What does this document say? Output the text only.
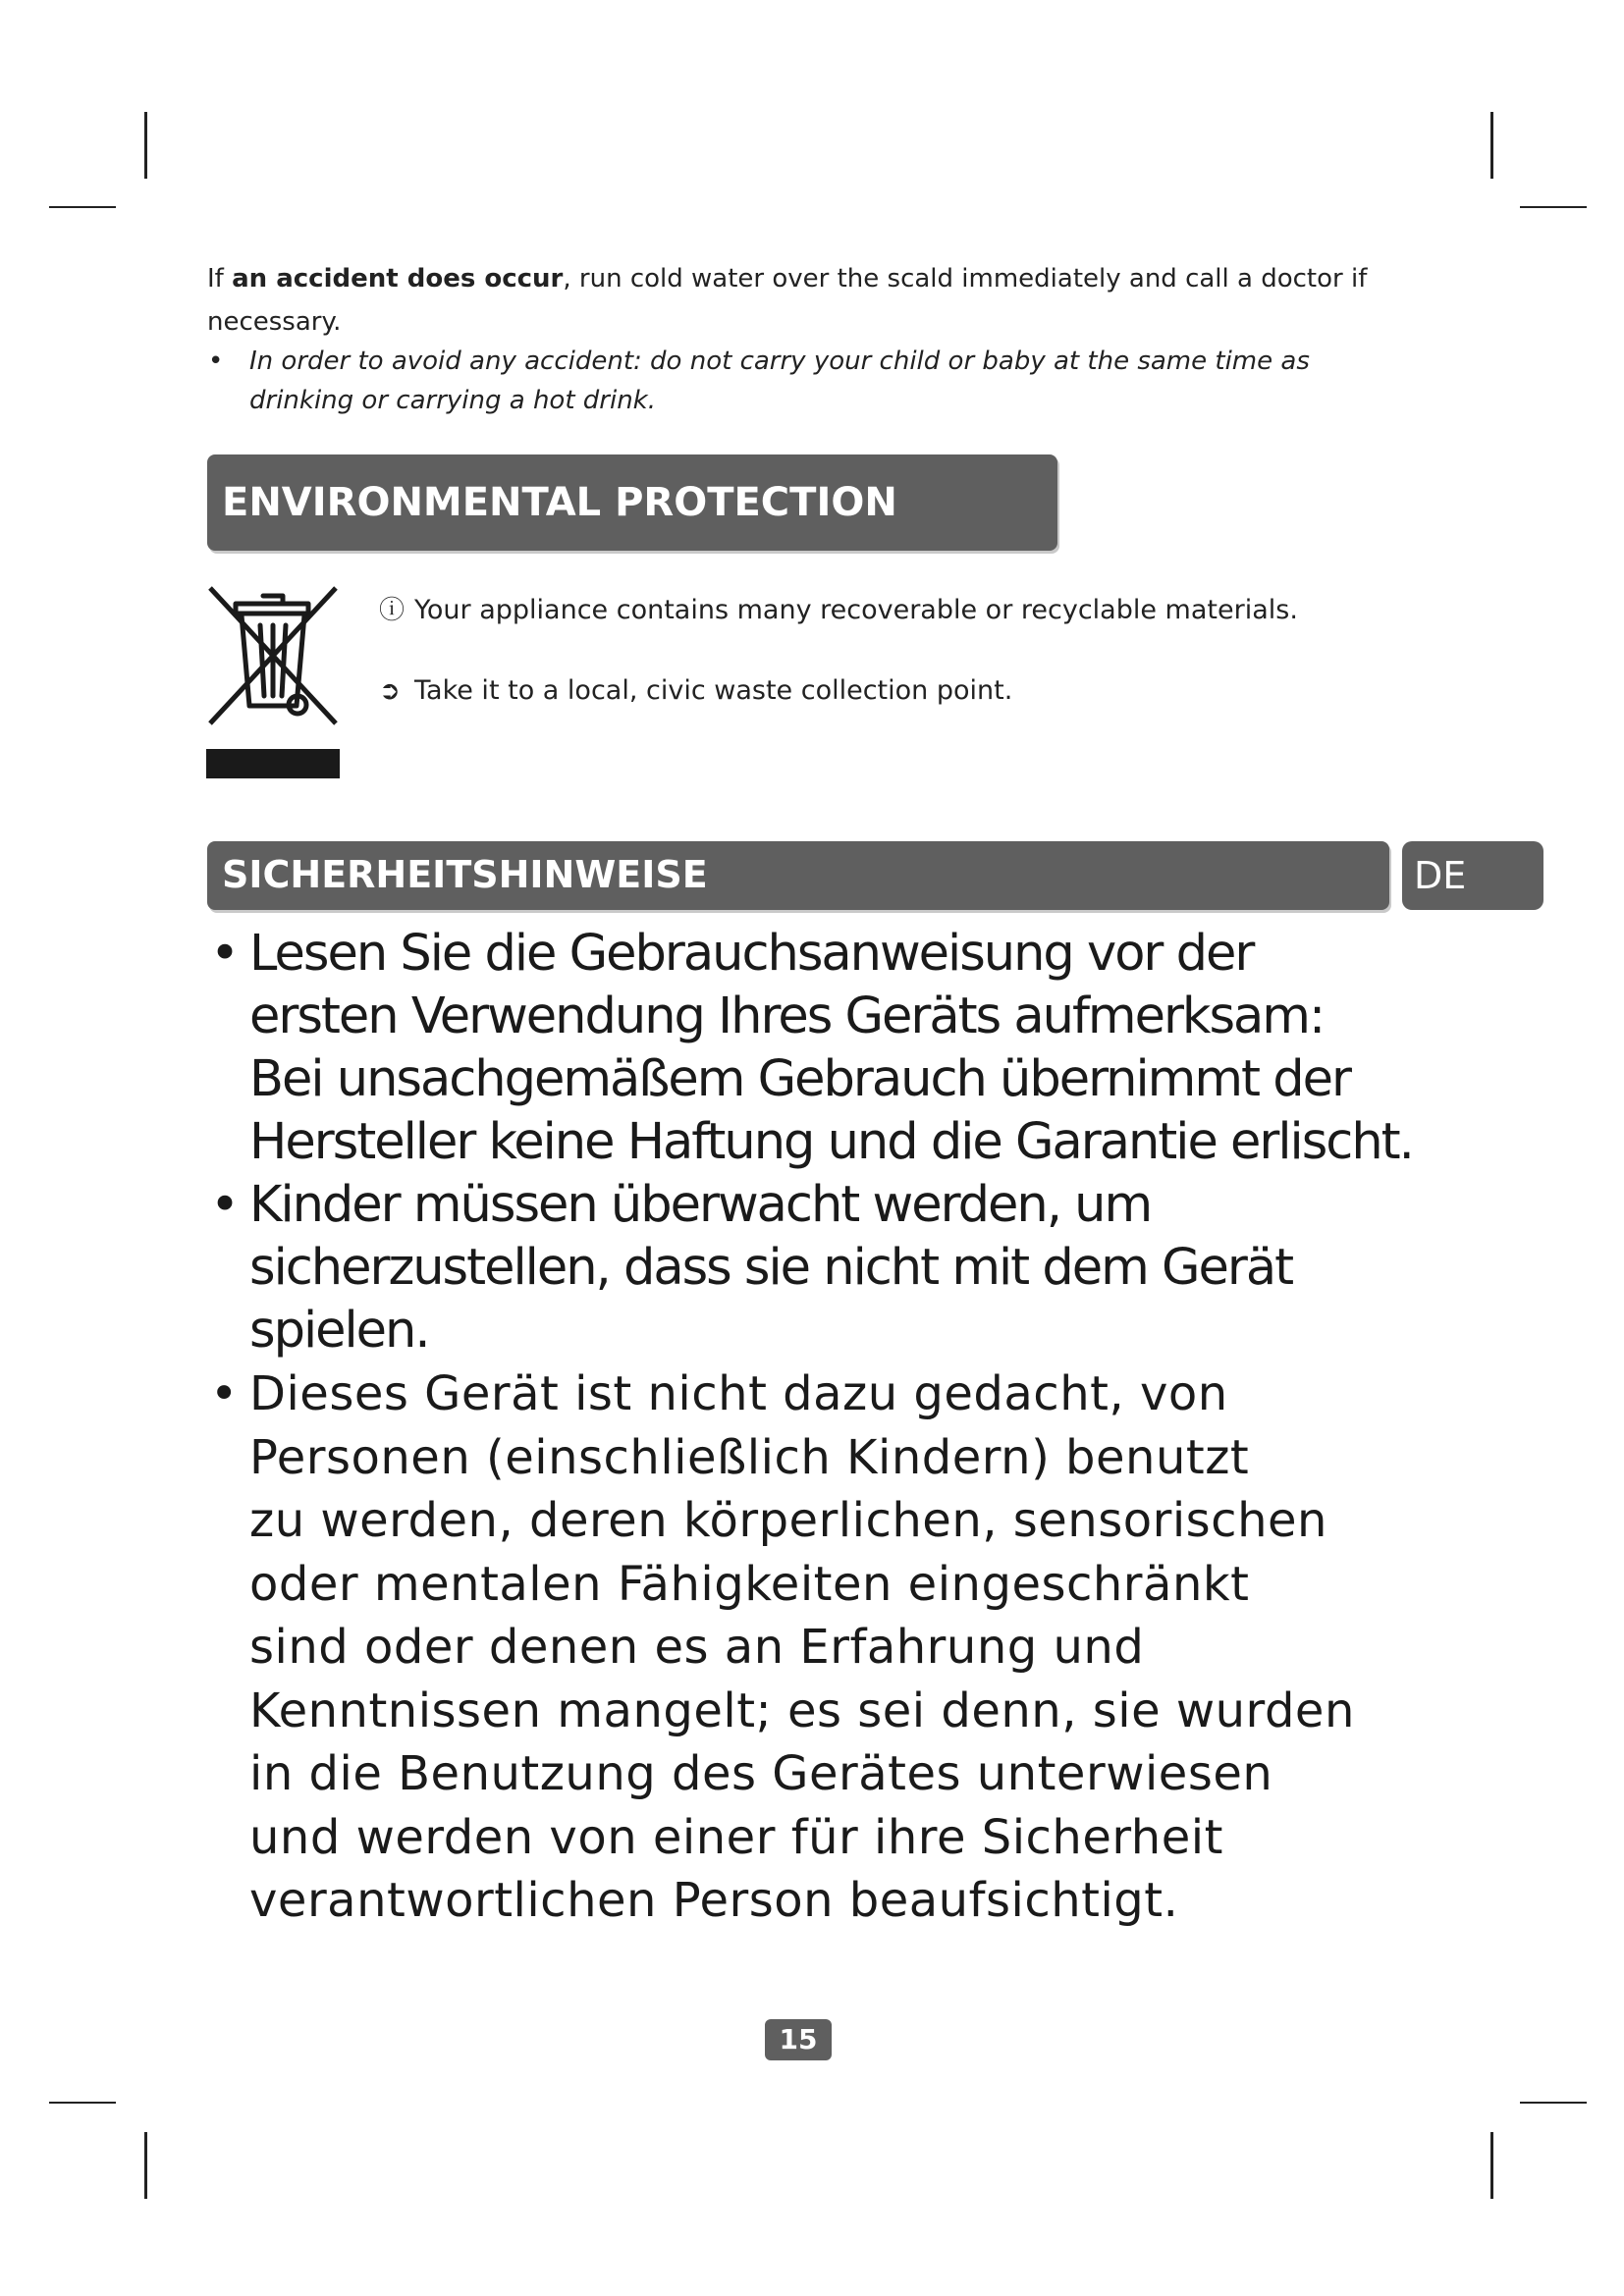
If an accident does occur, run cold water over the scald immediately and call a doctor if necessary.
•	In order to avoid any accident: do not carry your child or baby at the same time as drinking or carrying a hot drink.
ENVIRONMENTAL PROTECTION
ⓘ Your appliance contains many recoverable or recyclable materials.
➲ Take it to a local, civic waste collection point.
SICHERHEITSHINWEISE	DE
• Lesen Sie die Gebrauchsanweisung vor der
ersten Verwendung Ihres Geräts aufmerksam:
Bei unsachgemäßem Gebrauch übernimmt der
Hersteller keine Haftung und die Garantie erlischt.
• Kinder müssen überwacht werden, um
sicherzustellen, dass sie nicht mit dem Gerät
spielen.
• Dieses Gerät ist nicht dazu gedacht, von
Personen (einschließlich Kindern) benutzt
zu werden, deren körperlichen, sensorischen
oder mentalen Fähigkeiten eingeschränkt
sind oder denen es an Erfahrung und
Kenntnissen mangelt; es sei denn, sie wurden
in die Benutzung des Gerätes unterwiesen
und werden von einer für ihre Sicherheit
verantwortlichen Person beaufsichtigt.
15
